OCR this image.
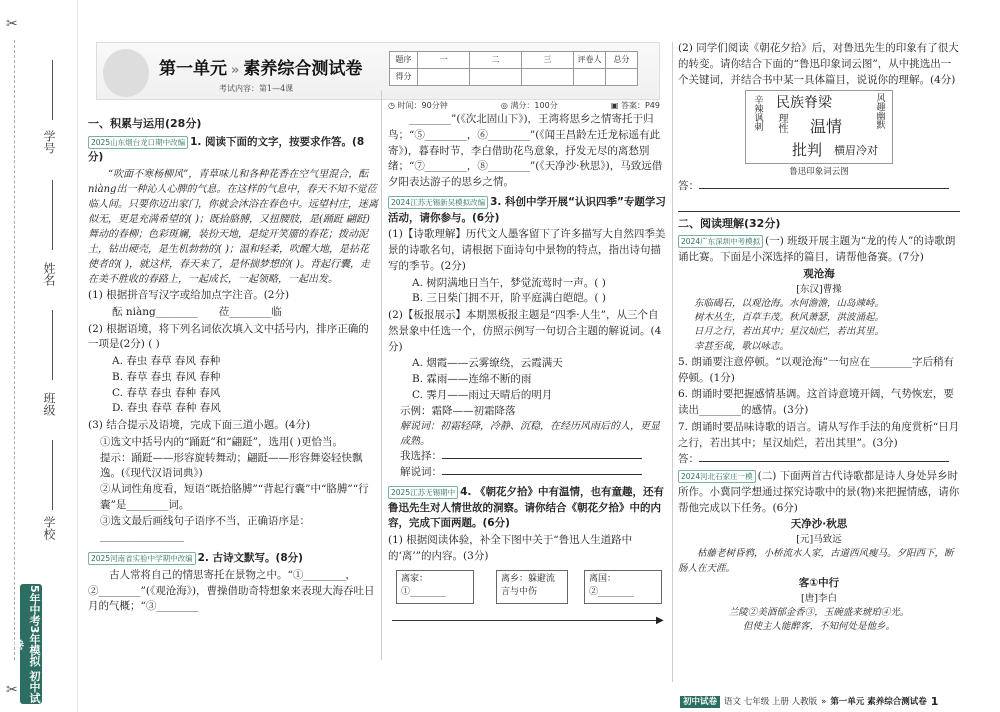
✂
✂
学号
姓名
班级
学校
5年中考3年模拟 初中试卷
第一单元 » 素养综合测试卷
考试内容：第1—4课
题序	一	二	三	评卷人	总分
得分					
◷ 时间：90分钟	◎ 满分：100分	▣ 答案：P49
一、积累与运用(28分)

2025山东烟台龙口期中改编 1. 阅读下面的文字，按要求作答。(8分)

“吹面不寒杨柳风”，青草味儿和各种花香在空气里混合，酝niàng出一种沁人心脾的气息。在这样的气息中，春天不知不觉莅临人间。只要你迈出家门，你就会沐浴在春色中。远望村庄，迷离似无，更是充满希望的( )；既拾胳膊，又扭腰肢，是(踊跹 翩跹)舞动的春柳；色彩斑斓，装扮天地，是绽开笑靥的春花；拨动泥土，钻出硬壳，是生机勃勃的( )；温和轻柔，吹醒大地，是拈花使者的( )，就这样，春天来了，是怀揣梦想的( )。背起行囊，走在美不胜收的春路上，一起成长，一起领略，一起出发。

(1) 根据拼音写汉字或给加点字注音。(2分)

酝 niàng________   莅________临

(2) 根据语境，将下列名词依次填入文中括号内，排序正确的一项是(2分) ( )

A. 春虫 春草 春风 春种

B. 春草 春虫 春风 春种

C. 春草 春虫 春种 春风

D. 春虫 春草 春种 春风

(3) 结合提示及语境，完成下面三道小题。(4分)

①选文中括号内的“踊跹”和“翩跹”，选用( )更恰当。

提示：踊跹——形容旋转舞动；翩跹——形容舞姿轻快飘逸。(《现代汉语词典》)

②从词性角度看，短语“既拾胳膊”“背起行囊”中“胳膊”“行囊”是________词。

③选文最后画线句子语序不当，正确语序是：________________

2025河南省实验中学期中改编 2. 古诗文默写。(8分)

古人常将自己的情思寄托在景物之中。“①________，②________”(《观沧海》)，曹操借助奇特想象来表现大海吞吐日月的气概；“③________

________”(《次北固山下》)，王湾将思乡之情寄托于归鸟；“⑤________，⑥________”(《闻王昌龄左迁龙标遥有此寄》)，暮春时节，李白借助花鸟意象，抒发无尽的离愁别绪；“⑦________，⑧________”(《天净沙·秋思》)，马致远借夕阳表达游子的思乡之情。

2024江苏无锡新吴模拟改编 3. 科创中学开展“认识四季”专题学习活动，请你参与。(6分)

(1)【诗歌理解】历代文人墨客留下了许多描写大自然四季美景的诗歌名句，请根据下面诗句中景物的特点，指出诗句描写的季节。(2分)

A. 树阴满地日当午，梦觉流莺时一声。( )

B. 三日柴门拥不开，阶平庭满白皑皑。( )

(2)【板报展示】本期黑板报主题是“四季·人生”，从三个自然景象中任选一个，仿照示例写一句切合主题的解说词。(4分)

A. 烟霞——云雾缭绕，云霞满天

B. 霖雨——连绵不断的雨

C. 霁月——雨过天晴后的明月

示例：霜降——初霜降落

解说词：初霜轻降，冷静、沉稳，在经历风雨后的人，更显成熟。

我选择：

解说词：

2025江苏无锡期中 4. 《朝花夕拾》中有温情，也有童趣，还有鲁迅先生对人情世故的洞察。请你结合《朝花夕拾》中的内容，完成下面两题。(6分)

(1) 根据阅读体验，补全下图中关于“鲁迅人生道路中的‘离’”的内容。(3分)

离家：①________
离乡：躲避流言与中伤
离国：②________
▶

(2) 同学们阅读《朝花夕拾》后，对鲁迅先生的印象有了很大的转变。请你结合下面的“鲁迅印象词云图”，从中挑选出一个关键词，并结合书中某一具体篇目，说说你的理解。(4分)

民族脊梁	风趣幽默
辛辣讽刺 理性 温情
批判 横眉冷对

鲁迅印象词云图

答：

二、阅读理解(32分)

2024广东深圳中考模拟 (一) 班级开展主题为“龙的传人”的诗歌朗诵比赛。下面是小深选择的篇目，请帮他备赛。(7分)

观沧海

[东汉]曹操

东临碣石，以观沧海。水何澹澹，山岛竦峙。

树木丛生，百草丰茂。秋风萧瑟，洪波涌起。

日月之行，若出其中；星汉灿烂，若出其里。

幸甚至哉，歌以咏志。

5. 朗诵要注意停顿。“以观沧海”一句应在________字后稍有停顿。(1分)

6. 朗诵时要把握感情基调。这首诗意境开阔，气势恢宏，要读出________的感情。(3分)

7. 朗诵时要品味诗歌的语言。请从写作手法的角度赏析“日月之行，若出其中；星汉灿烂，若出其里”。(3分)

答：

2024河北石家庄一模 (二) 下面两首古代诗歌都是诗人身处异乡时所作。小冀同学想通过探究诗歌中的景(物)来把握情感，请你帮他完成以下任务。(6分)

天净沙·秋思

[元]马致远

枯藤老树昏鸦，小桥流水人家，古道西风瘦马。夕阳西下，断肠人在天涯。

客①中行

[唐]李白

兰陵②美酒郁金香③，玉碗盛来琥珀④光。

但使主人能醉客，不知何处是他乡。

初中试卷 语文 七年级 上册 人教版 » 第一单元 素养综合测试卷 1
